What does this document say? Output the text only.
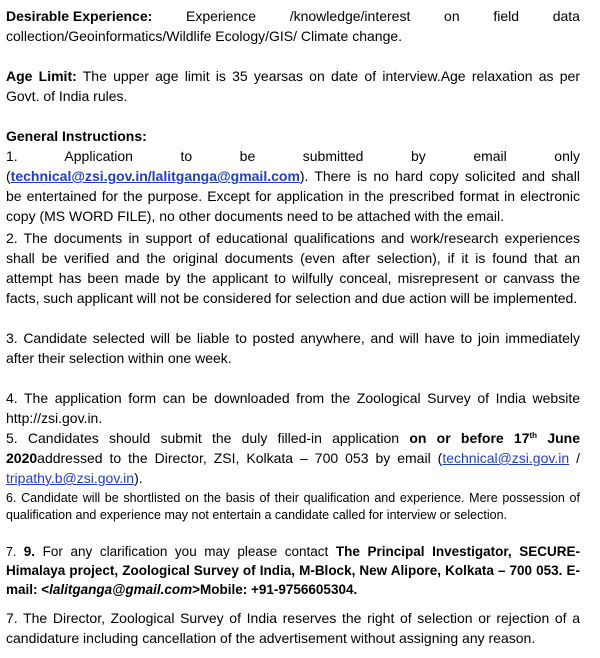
Desirable Experience: Experience /knowledge/interest on field data
collection/Geoinformatics/Wildlife Ecology/GIS/ Climate change.

Age Limit: The upper age limit is 35 yearsas on date of interview.Age relaxation as per Govt. of India rules.

General Instructions:

1. Application to be submitted by email only (technical@zsi.gov.in/lalitganga@gmail.com). There is no hard copy solicited and shall be entertained for the purpose. Except for application in the prescribed format in electronic copy (MS WORD FILE), no other documents need to be attached with the email.

2. The documents in support of educational qualifications and work/research experiences shall be verified and the original documents (even after selection), if it is found that an attempt has been made by the applicant to wilfully conceal, misrepresent or canvass the facts, such applicant will not be considered for selection and due action will be implemented.

3. Candidate selected will be liable to posted anywhere, and will have to join immediately after their selection within one week.

4. The application form can be downloaded from the Zoological Survey of India website http://zsi.gov.in.

5. Candidates should submit the duly filled-in application on or before 17th June 2020addressed to the Director, ZSI, Kolkata – 700 053 by email (technical@zsi.gov.in / tripathy.b@zsi.gov.in).

6. Candidate will be shortlisted on the basis of their qualification and experience. Mere possession of qualification and experience may not entertain a candidate called for interview or selection.

7. 9. For any clarification you may please contact The Principal Investigator, SECURE-Himalaya project, Zoological Survey of India, M-Block, New Alipore, Kolkata – 700 053. E-mail: <lalitganga@gmail.com>Mobile: +91-9756605304.

7. The Director, Zoological Survey of India reserves the right of selection or rejection of a candidature including cancellation of the advertisement without assigning any reason.
